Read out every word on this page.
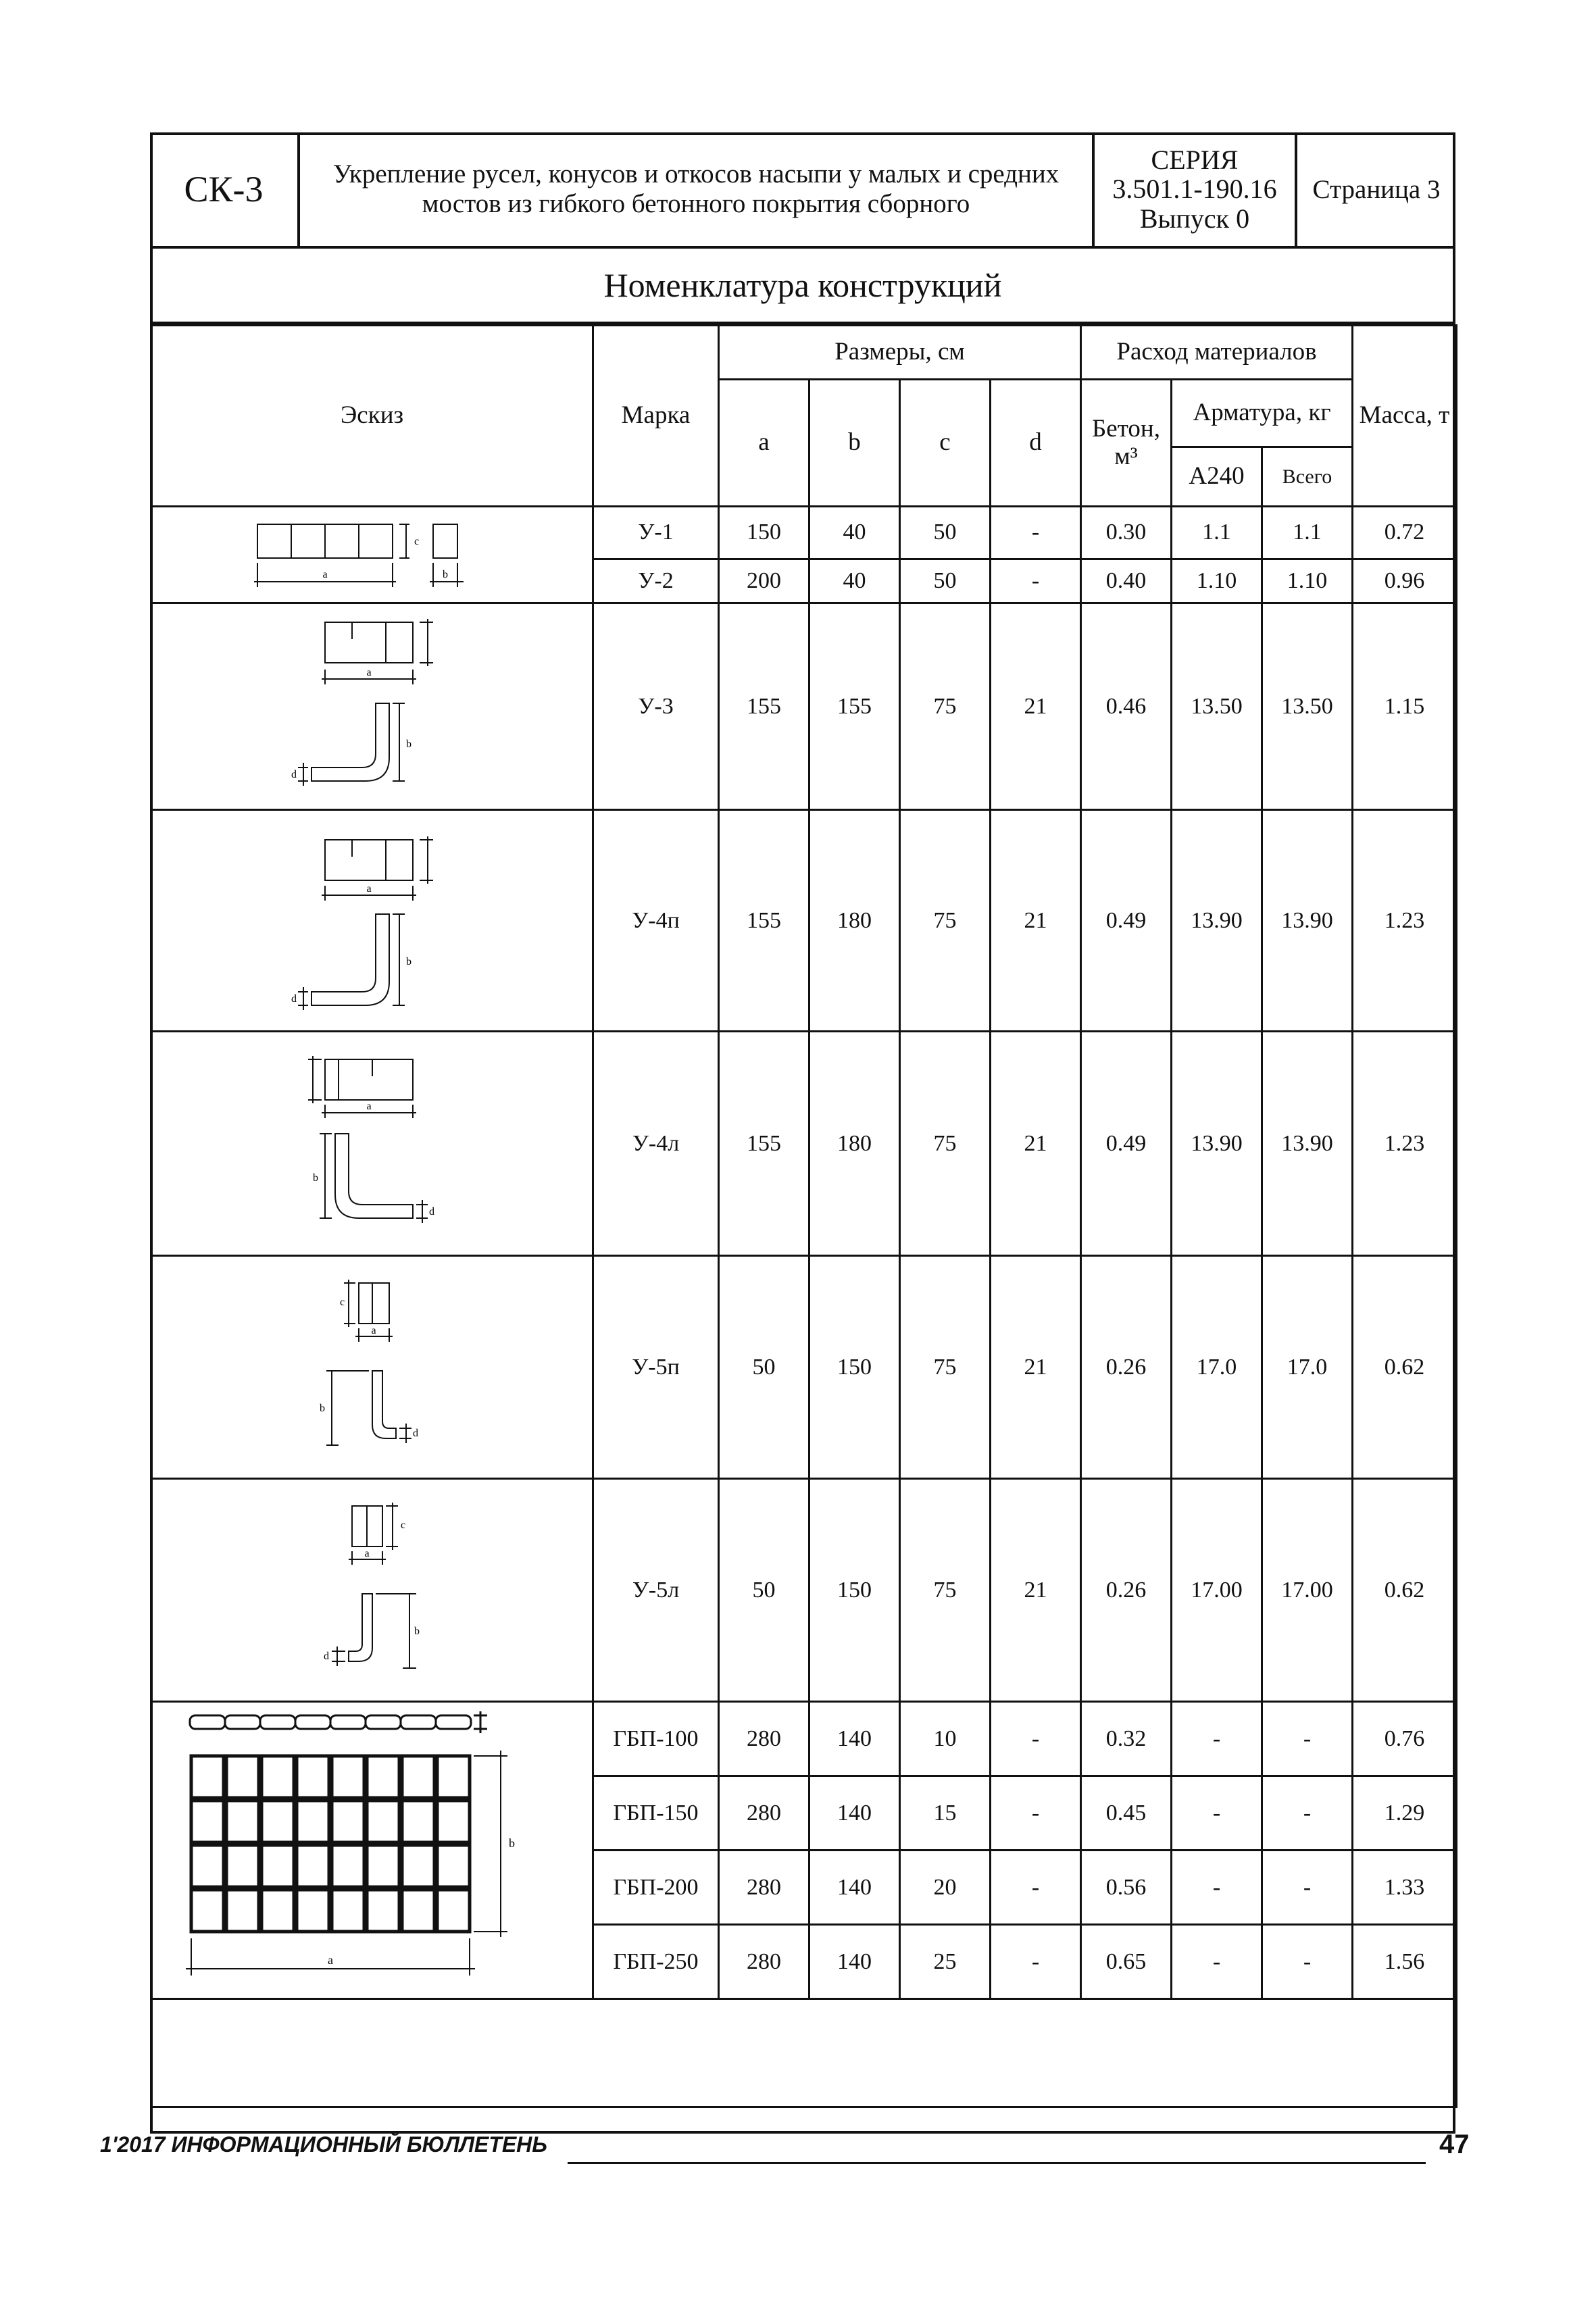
СК-3	Укрепление русел, конусов и откосов насыпи у малых и средних мостов из гибкого бетонного покрытия сборного
СЕРИЯ
3.501.1-190.16
Выпуск 0
Страница 3
Номенклатура конструкций
Эскиз	Марка	Размеры, см				Расход материалов			Масса, т
		a	b	c	d	Бетон, м³	Арматура, кг		
							А240	Всего	

a
c
b	У-1	150	40	50	-	0.30	1.1	1.1	0.72
	У-2	200	40	50	-	0.40	1.10	1.10	0.96

a
b
d	У-3	155	155	75	21	0.46	13.50	13.50	1.15

a
b
d	У-4п	155	180	75	21	0.49	13.90	13.90	1.23

a
b
d	У-4л	155	180	75	21	0.49	13.90	13.90	1.23

c
a
b
d	У-5п	50	150	75	21	0.26	17.0	17.0	0.62

c
a
b
d	У-5л	50	150	75	21	0.26	17.00	17.00	0.62

b
a	ГБП-100	280	140	10	-	0.32	-	-	0.76
	ГБП-150	280	140	15	-	0.45	-	-	1.29
	ГБП-200	280	140	20	-	0.56	-	-	1.33
	ГБП-250	280	140	25	-	0.65	-	-	1.56

1'2017 ИНФОРМАЦИОННЫЙ БЮЛЛЕТЕНЬ	47
